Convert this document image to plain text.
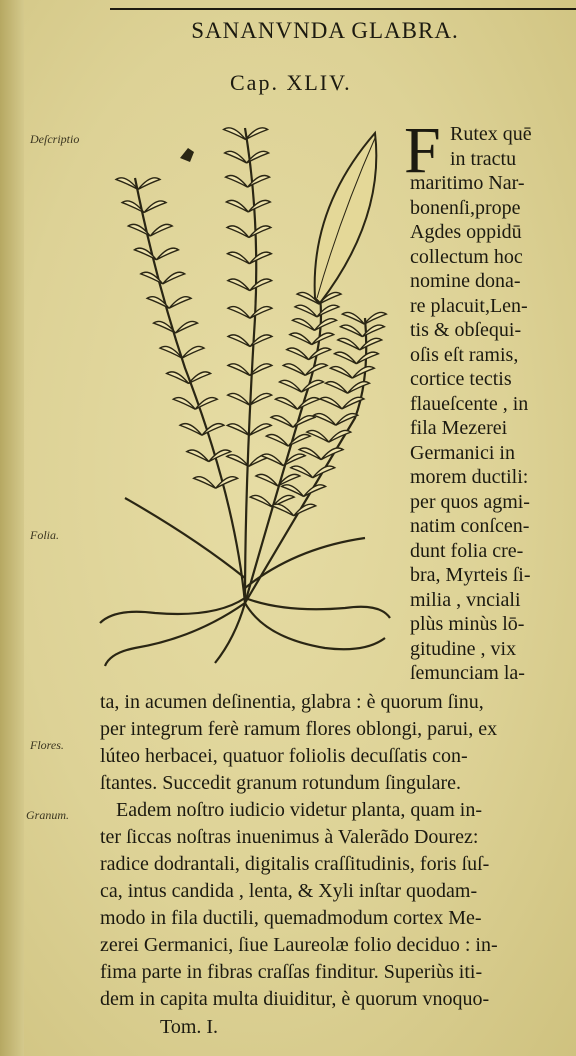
SANANVNDA GLABRA.
Cap. XLIV.
Deſcriptio
Folia.
Flores.
Granum.
F Rutex quē
in tractu
maritimo Nar-
bonenſi,prope
Agdes oppidū
collectum hoc
nomine dona-
re placuit,Len-
tis & obſequi-
oſis eſt ramis,
cortice tectis
flaueſcente , in
fila Mezerei
Germanici in
morem ductili:
per quos agmi-
natim conſcen-
dunt folia cre-
bra, Myrteis ſi-
milia , vnciali
plùs minùs lō-
gitudine , vix
ſemunciam la-
ta, in acumen deſinentia, glabra : è quorum ſinu,
per integrum ferè ramum flores oblongi, parui, ex
lúteo herbacei, quatuor foliolis decuſſatis con-
ſtantes. Succedit granum rotundum ſingulare.
Eadem noſtro iudicio videtur planta, quam in-
ter ſiccas noſtras inuenimus à Valerãdo Dourez:
radice dodrantali, digitalis craſſitudinis, foris ſuſ-
ca, intus candida , lenta, & Xyli inſtar quodam-
modo in fila ductili, quemadmodum cortex Me-
zerei Germanici, ſiue Laureolæ folio deciduo : in-
fima parte in fibras craſſas finditur. Superiùs iti-
dem in capita multa diuiditur, è quorum vnoquo-
Tom. I.
